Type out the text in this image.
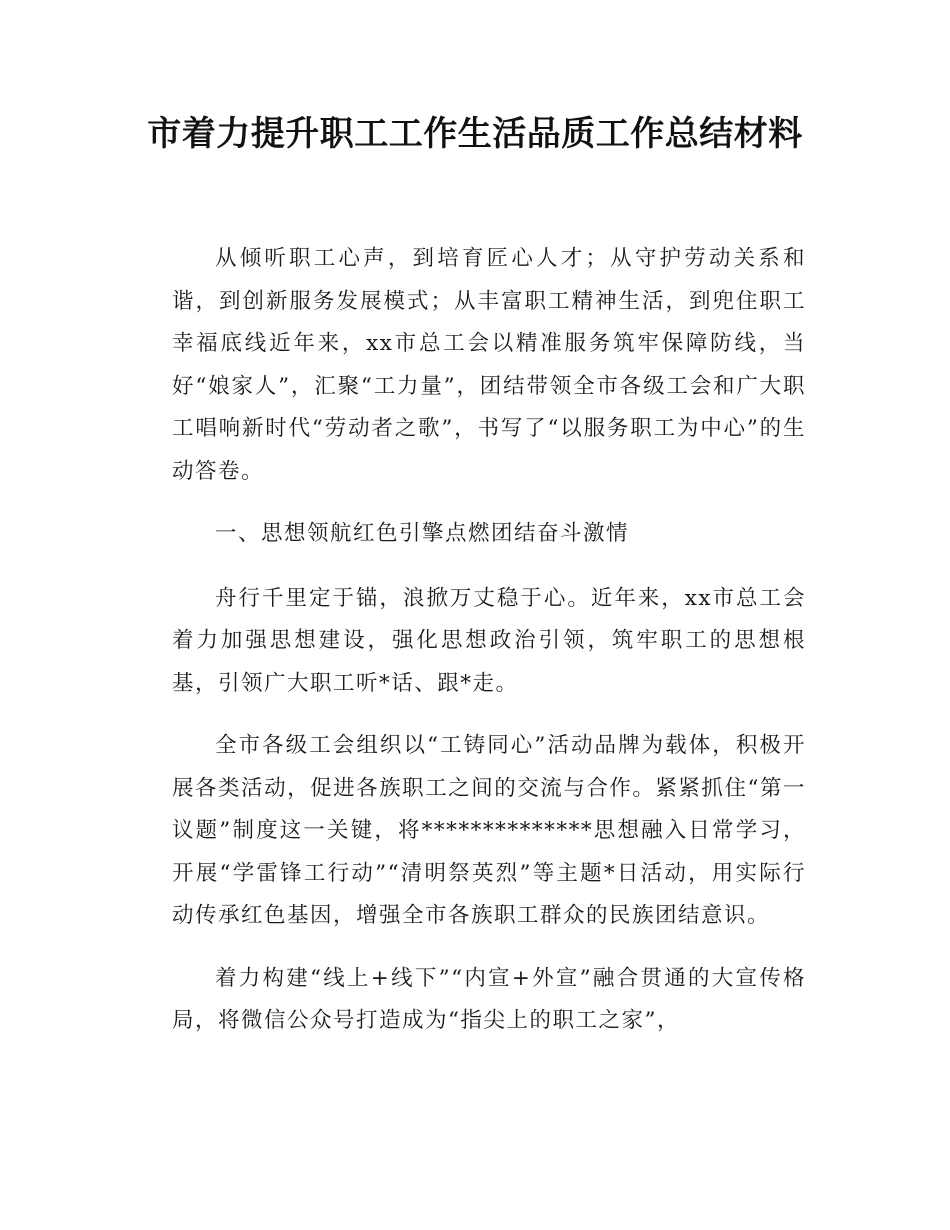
市着力提升职工工作生活品质工作总结材料

从倾听职工心声，到培育匠心人才；从守护劳动关系和谐，到创新服务发展模式；从丰富职工精神生活，到兜住职工幸福底线近年来，xx市总工会以精准服务筑牢保障防线，当好“娘家人”，汇聚“工力量”，团结带领全市各级工会和广大职工唱响新时代“劳动者之歌”，书写了“以服务职工为中心”的生动答卷。

一、思想领航红色引擎点燃团结奋斗激情

舟行千里定于锚，浪掀万丈稳于心。近年来，xx市总工会着力加强思想建设，强化思想政治引领，筑牢职工的思想根基，引领广大职工听*话、跟*走。

全市各级工会组织以“工铸同心”活动品牌为载体，积极开展各类活动，促进各族职工之间的交流与合作。紧紧抓住“第一议题”制度这一关键，将**************思想融入日常学习，开展“学雷锋工行动”“清明祭英烈”等主题*日活动，用实际行动传承红色基因，增强全市各族职工群众的民族团结意识。

着力构建“线上+线下”“内宣+外宣”融合贯通的大宣传格局，将微信公众号打造成为“指尖上的职工之家”，
